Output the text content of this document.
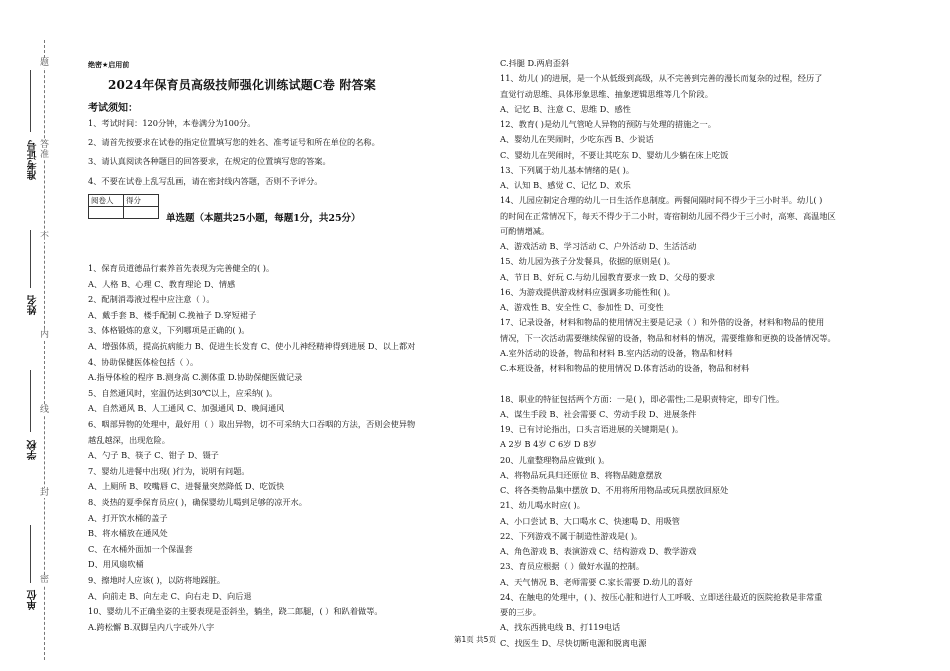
题
答
准
不
内
线
封
密
准考证号
姓名
学校
单位
绝密★启用前
2024年保育员高级技师强化训练试题C卷 附答案
考试须知：
1、考试时间：120分钟，本卷满分为100分。
2、请首先按要求在试卷的指定位置填写您的姓名、准考证号和所在单位的名称。
3、请认真阅读各种题目的回答要求，在规定的位置填写您的答案。
4、不要在试卷上乱写乱画，请在密封线内答题，否则不予评分。
阅卷人	得分

单选题（本题共25小题，每题1分，共25分）
1、保育员道德品行素养首先表现为完善健全的( )。
A、人格 B、心理 C、教育理论 D、情感
2、配制消毒液过程中应注意（ ）。
A、戴手套 B、楼手配制 C.挽袖子 D.穿短裙子
3、体格锻炼的意义，下列哪项是正确的( )。
A、增强体质，提高抗病能力 B、促进生长发育 C、使小儿神经精神得到进展 D、以上都对
4、协助保健医体检包括（ ）。
A.指导体检的程序 B.测身高 C.测体重 D.协助保健医做记录
5、自然通风时，室温仍达到30℃以上，应采纳( )。
A、自然通风 B、人工通风 C、加强通风 D、晚间通风
6、咽部异物的处理中，最好用（ ）取出异物，切不可采纳大口吞咽的方法，否则会使异物
越乱越深，出现危险。
A、勺子 B、筷子 C、钳子 D、镊子
7、婴幼儿进餐中出现( )行为，说明有问题。
A、上厕所 B、咬嘴唇 C、进餐量突然降低 D、吃饭快
8、炎热的夏季保育员应( )，确保婴幼儿喝到足够的凉开水。
A、打开饮水桶的盖子
B、将水桶放在通风处
C、在水桶外面加一个保温套
D、用风扇吹桶
9、擦地时人应该( )，以防将地踩脏。
A、向前走 B、向左走 C、向右走 D、向后退
10、婴幼儿不正确坐姿的主要表现是歪斜坐，躺坐，跷二郎腿，( ）和趴着做等。
A.跨松懈 B.双脚呈内八字或外八字
C.抖腿 D.两肩歪斜
11、幼儿( )的进展，是一个从低级到高级，从不完善到完善的漫长而复杂的过程，经历了
直觉行动思维、具体形象思维、抽象逻辑思维等几个阶段。
A、记忆 B、注意 C、思维 D、感性
12、教育( )是幼儿气管呛人异物的预防与处理的措施之一。
A、婴幼儿在哭闹时，少吃东西 B、少说话
C、婴幼儿在哭闹时，不要让其吃东 D、婴幼儿少躺在床上吃饭
13、下列属于幼儿基本情绪的是( )。
A、认知 B、感觉 C、记忆 D、欢乐
14、儿园应制定合理的幼儿一日生活作息制度。两餐间隔时间不得少于三小时半。幼儿( )
的时间在正常情况下，每天不得少于二小时，寄宿制幼儿园不得少于三小时，高寒、高温地区
可酌情增减。
A、游戏活动 B、学习活动 C、户外活动 D、生活活动
15、幼儿园为孩子分发餐具，依据的原则是( )。
A、节日 B、好玩 C.与幼儿园教育要求一致 D、父母的要求
16、为游戏提供游戏材料应强调多功能性和( )。
A、游戏性 B、安全性 C、参加性 D、可变性
17、记录设备，材料和物品的使用情况主要是记录（ ）和外借的设备，材料和物品的使用
情况，下一次活动需要继续保留的设备，物品和材料的情况，需要维修和更换的设备情况等。
A.室外活动的设备，物品和材料 B.室内活动的设备，物品和材料
C.本班设备，材料和物品的使用情况 D.体育活动的设备，物品和材料
18、职业的特征包括两个方面：一是( )，即必需性;二是职责特定，即专门性。
A、谋生手段 B、社会需要 C、劳动手段 D、进展条件
19、已有讨论指出，口头言语进展的关键期是( )。
A 2岁 B 4岁 C 6岁 D 8岁
20、儿童整理物品应做到( )。
A、将物品玩具归还原位 B、将物品随意摆放
C、将各类物品集中摆放 D、不用将所用物品或玩具摆放回原处
21、幼儿喝水时应( )。
A、小口尝试 B、大口喝水 C、快速喝 D、用吸管
22、下列游戏不属于制造性游戏是( )。
A、角色游戏 B、表演游戏 C、结构游戏 D、教学游戏
23、育员应根据（ ）做好水温的控制。
A、天气情况 B、老师需要 C.家长需要 D.幼儿的喜好
24、在触电的处理中，( )、按压心脏和进行人工呼吸、立即送往最近的医院抢救是非常重
要的三步。
A、找东西挑电线 B、打119电话
C、找医生 D、尽快切断电源和脱离电源
第1页 共5页
